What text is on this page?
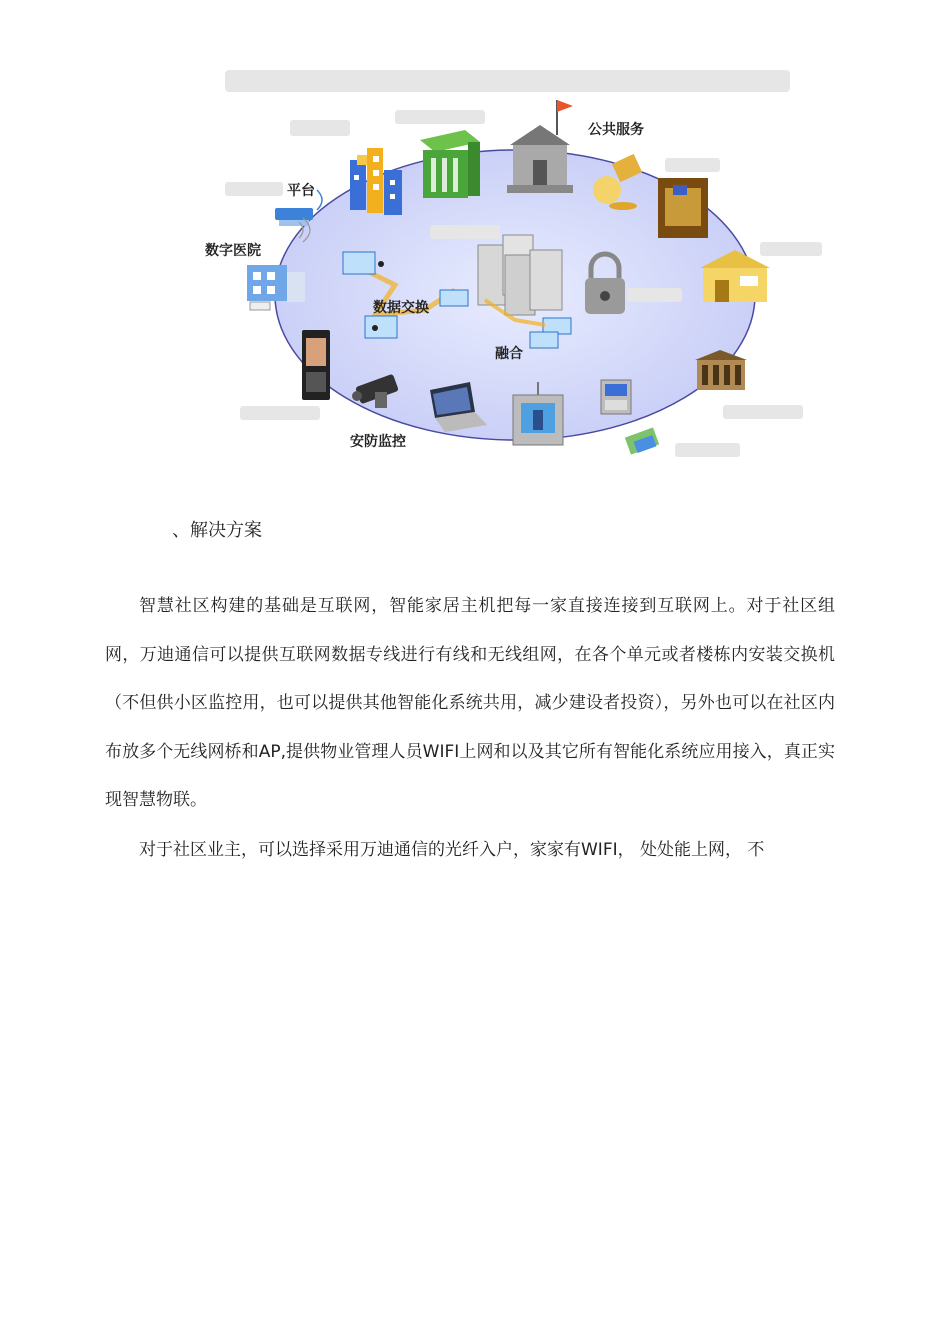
公共服务
平台
数字医院
数据交换
融合
安防监控
、解决方案

智慧社区构建的基础是互联网，智能家居主机把每一家直接连接到互联网上。对于社区组网，万迪通信可以提供互联网数据专线进行有线和无线组网，在各个单元或者楼栋内安装交换机（不但供小区监控用，也可以提供其他智能化系统共用，减少建设者投资），另外也可以在社区内布放多个无线网桥和AP,提供物业管理人员WIFI上网和以及其它所有智能化系统应用接入，真正实现智慧物联。

对于社区业主，可以选择采用万迪通信的光纤入户，家家有WIFI， 处处能上网， 不
